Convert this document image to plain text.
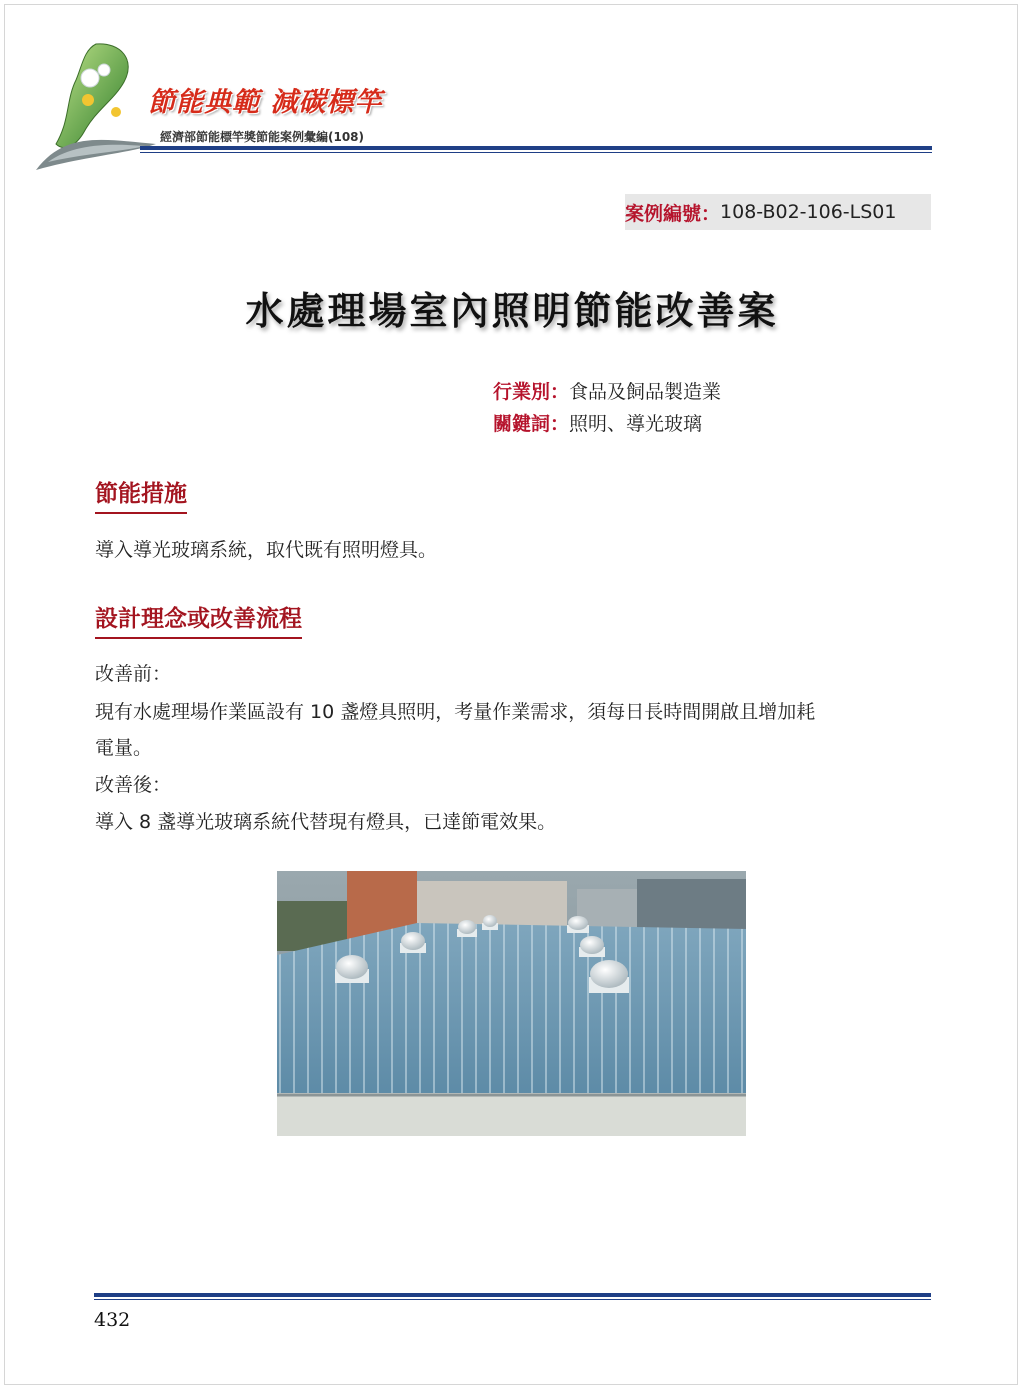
節能典範 減碳標竿
經濟部節能標竿獎節能案例彙編(108)
案例編號： 108-B02-106-LS01
水處理場室內照明節能改善案
行業別：食品及飼品製造業
關鍵詞：照明、導光玻璃
節能措施
導入導光玻璃系統，取代既有照明燈具。
設計理念或改善流程
改善前：
現有水處理場作業區設有 10 盞燈具照明，考量作業需求，須每日長時間開啟且增加耗
電量。
改善後：
導入 8 盞導光玻璃系統代替現有燈具，已達節電效果。
432
